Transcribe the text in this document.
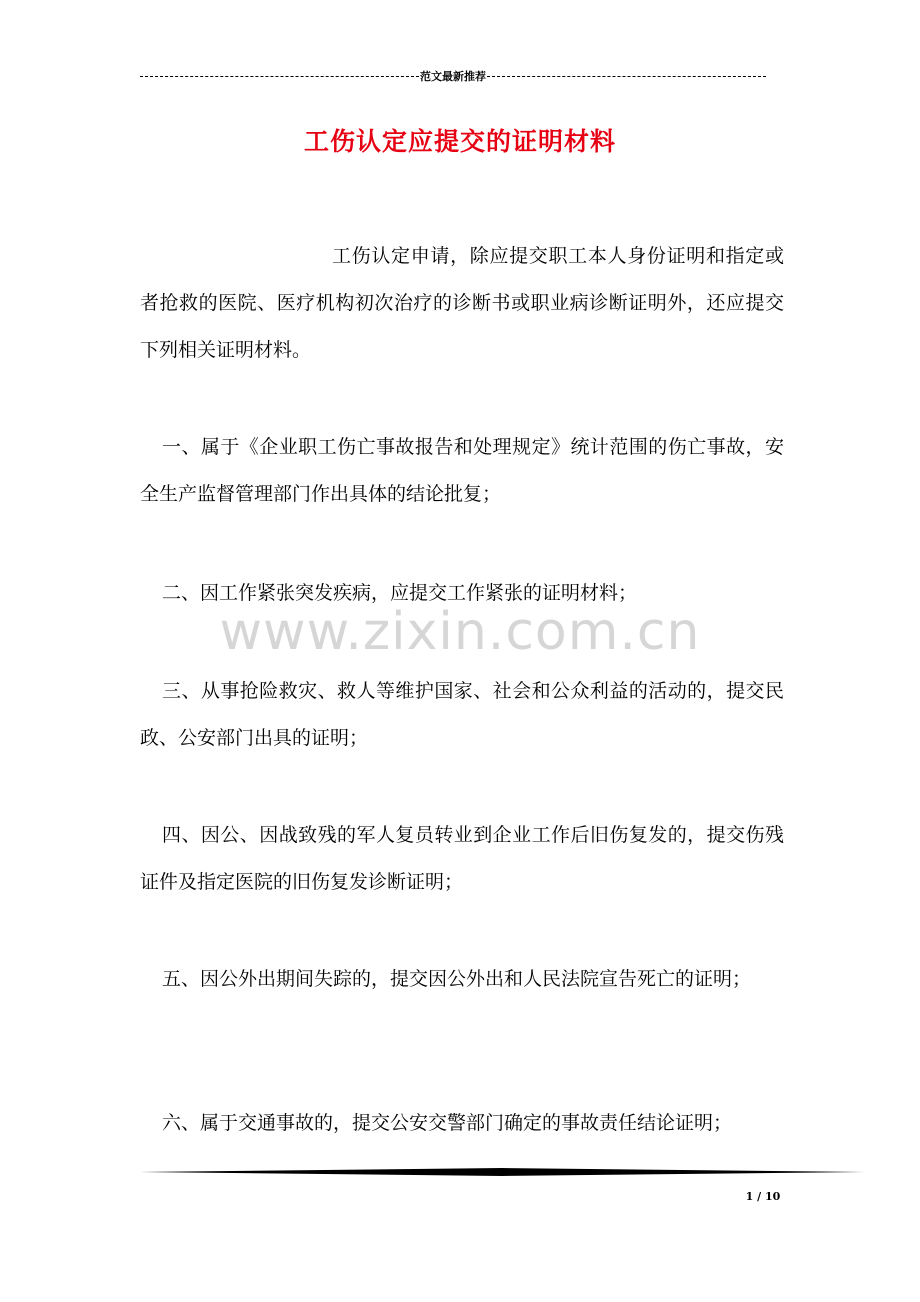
范文最新推荐
工伤认定应提交的证明材料
www.zixin.com.cn
工伤认定申请，除应提交职工本人身份证明和指定或者抢救的医院、医疗机构初次治疗的诊断书或职业病诊断证明外，还应提交下列相关证明材料。
一、属于《企业职工伤亡事故报告和处理规定》统计范围的伤亡事故，安全生产监督管理部门作出具体的结论批复；
二、因工作紧张突发疾病，应提交工作紧张的证明材料；
三、从事抢险救灾、救人等维护国家、社会和公众利益的活动的，提交民政、公安部门出具的证明；
四、因公、因战致残的军人复员转业到企业工作后旧伤复发的，提交伤残证件及指定医院的旧伤复发诊断证明；
五、因公外出期间失踪的，提交因公外出和人民法院宣告死亡的证明；
六、属于交通事故的，提交公安交警部门确定的事故责任结论证明；
1 / 10
